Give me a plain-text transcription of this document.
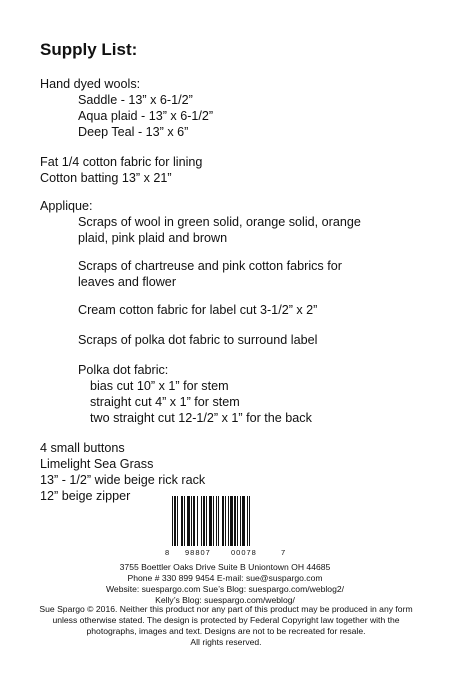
Supply List:
Hand dyed wools:
Saddle - 13” x 6-1/2”
Aqua plaid - 13” x 6-1/2”
Deep Teal - 13” x 6”
Fat 1/4 cotton fabric for lining
Cotton batting 13” x 21”
Applique:
Scraps of wool in green solid, orange solid, orange plaid, pink plaid and brown
Scraps of chartreuse and pink cotton fabrics for leaves and flower
Cream cotton fabric for label cut 3-1/2” x 2”
Scraps of polka dot fabric to surround label
Polka dot fabric:
bias cut 10” x 1” for stem
straight cut 4” x 1” for stem
two straight cut 12-1/2” x 1” for the back
4 small buttons
Limelight Sea Grass
13” - 1/2” wide beige rick rack
12” beige zipper
8 98807	00078	7
3755 Boettler Oaks Drive Suite B Uniontown OH 44685
Phone # 330 899 9454 E-mail: sue@suspargo.com
Website: suespargo.com Sue’s Blog: suespargo.com/weblog2/
Kelly’s Blog: suespargo.com/weblog/
Sue Spargo © 2016. Neither this product nor any part of this product may be produced in any form unless otherwise stated. The design is protected by Federal Copyright law together with the photographs, images and text. Designs are not to be recreated for resale.
All rights reserved.
